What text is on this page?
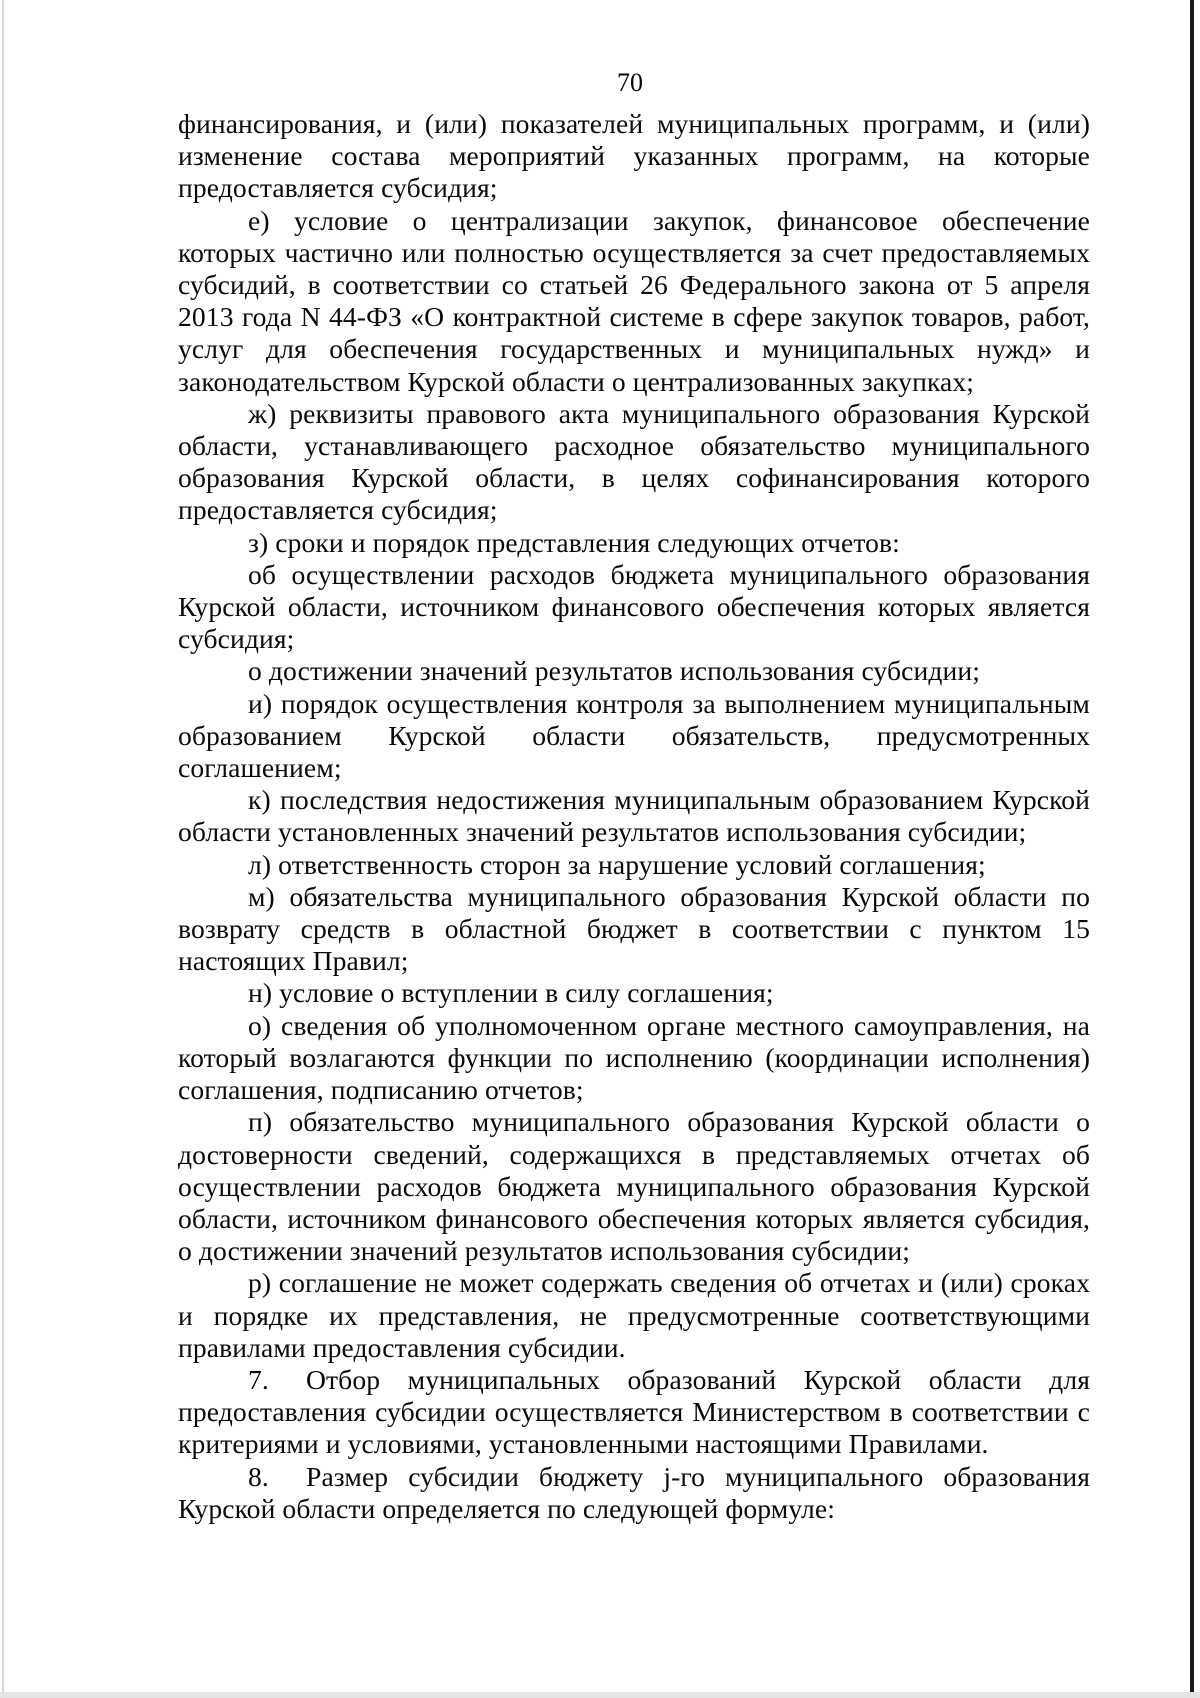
70

финансирования, и (или) показателей муниципальных программ, и (или) изменение состава мероприятий указанных программ, на которые предоставляется субсидия;

е) условие о централизации закупок, финансовое обеспечение которых частично или полностью осуществляется за счет предоставляемых субсидий, в соответствии со статьей 26 Федерального закона от 5 апреля 2013 года N 44-ФЗ «О контрактной системе в сфере закупок товаров, работ, услуг для обеспечения государственных и муниципальных нужд» и законодательством Курской области о централизованных закупках;

ж) реквизиты правового акта муниципального образования Курской области, устанавливающего расходное обязательство муниципального образования Курской области, в целях софинансирования которого предоставляется субсидия;

з) сроки и порядок представления следующих отчетов:

об осуществлении расходов бюджета муниципального образования Курской области, источником финансового обеспечения которых является субсидия;

о достижении значений результатов использования субсидии;

и) порядок осуществления контроля за выполнением муниципальным образованием Курской области обязательств, предусмотренных соглашением;

к) последствия недостижения муниципальным образованием Курской области установленных значений результатов использования субсидии;

л) ответственность сторон за нарушение условий соглашения;

м) обязательства муниципального образования Курской области по возврату средств в областной бюджет в соответствии с пунктом 15 настоящих Правил;

н) условие о вступлении в силу соглашения;

о) сведения об уполномоченном органе местного самоуправления, на который возлагаются функции по исполнению (координации исполнения) соглашения, подписанию отчетов;

п) обязательство муниципального образования Курской области о достоверности сведений, содержащихся в представляемых отчетах об осуществлении расходов бюджета муниципального образования Курской области, источником финансового обеспечения которых является субсидия, о достижении значений результатов использования субсидии;

р) соглашение не может содержать сведения об отчетах и (или) сроках и порядке их представления, не предусмотренные соответствующими правилами предоставления субсидии.

7. Отбор муниципальных образований Курской области для предоставления субсидии осуществляется Министерством в соответствии с критериями и условиями, установленными настоящими Правилами.

8. Размер субсидии бюджету j-го муниципального образования Курской области определяется по следующей формуле:
